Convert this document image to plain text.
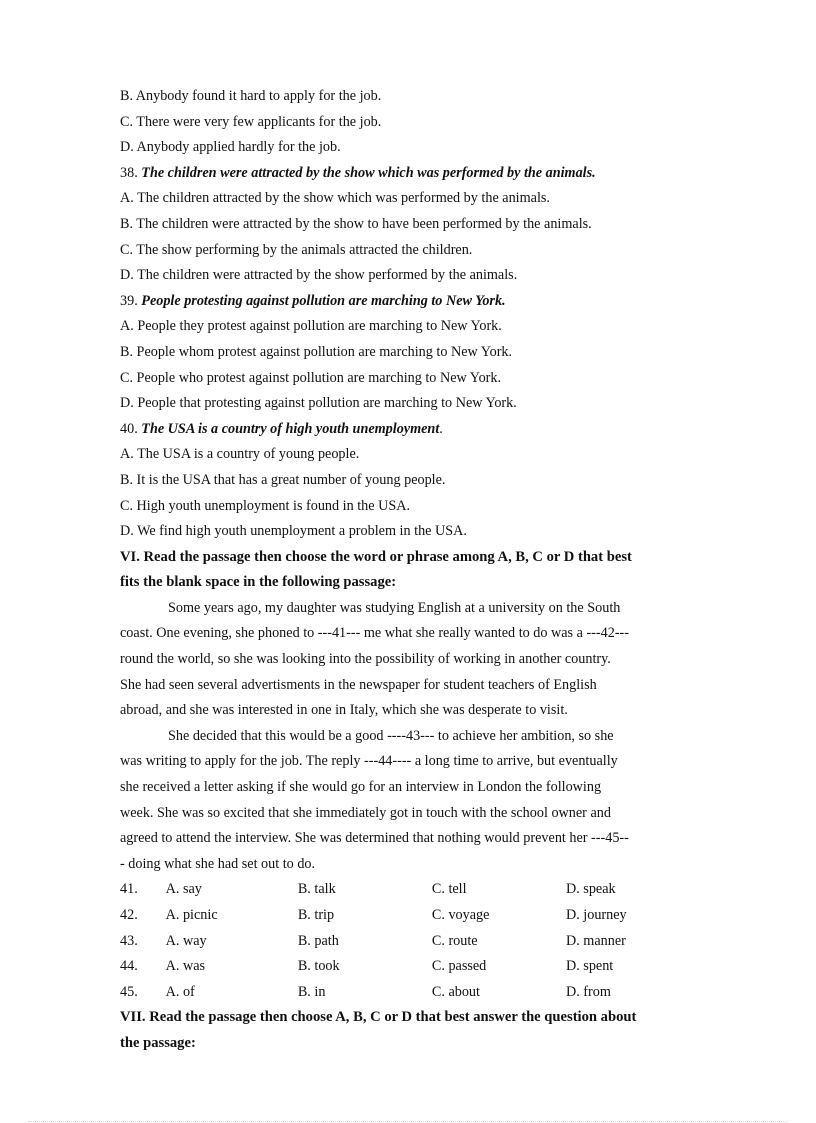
B. Anybody found it hard to apply for the job.
C. There were very few applicants for the job.
D. Anybody applied hardly for the job.
38. The children were attracted by the show which was performed by the animals.
A. The children attracted by the show which was performed by the animals.
B. The children were attracted by the show to have been performed by the animals.
C. The show performing by the animals attracted the children.
D. The children were attracted by the show performed by the animals.
39. People protesting against pollution are marching to New York.
A. People they protest against pollution are marching to New York.
B. People whom protest against pollution are marching to New York.
C. People who protest against pollution are marching to New York.
D. People that protesting against pollution are marching to New York.
40. The USA is a country of high youth unemployment.
A. The USA is a country of young people.
B. It is the USA that has a great number of young people.
C. High youth unemployment is found in the USA.
D. We find high youth unemployment a problem in the USA.
VI. Read the passage then choose the word or phrase among A, B, C or D that best
fits the blank space in the following passage:
Some years ago, my daughter was studying English at a university on the South
coast. One evening, she phoned to ---41--- me what she really wanted to do was a ---42---
round the world, so she was looking into the possibility of working in another country.
She had seen several advertisments in the newspaper for student teachers of English
abroad, and she was interested in one in Italy, which she was desperate to visit.
She decided that this would be a good ----43--- to achieve her ambition, so she
was writing to apply for the job. The reply ---44---- a long time to arrive, but eventually
she received a letter asking if she would go for an interview in London the following
week. She was so excited that she immediately got in touch with the school owner and
agreed to attend the interview. She was determined that nothing would prevent her ---45--
- doing what she had set out to do.
41.	A. say	B. talk	C. tell	D. speak
42.	A. picnic	B. trip	C. voyage	D. journey
43.	A. way	B. path	C. route	D. manner
44.	A. was	B. took	C. passed	D. spent
45.	A. of	B. in	C. about	D. from
VII. Read the passage then choose A, B, C or D that best answer the question about
the passage:
